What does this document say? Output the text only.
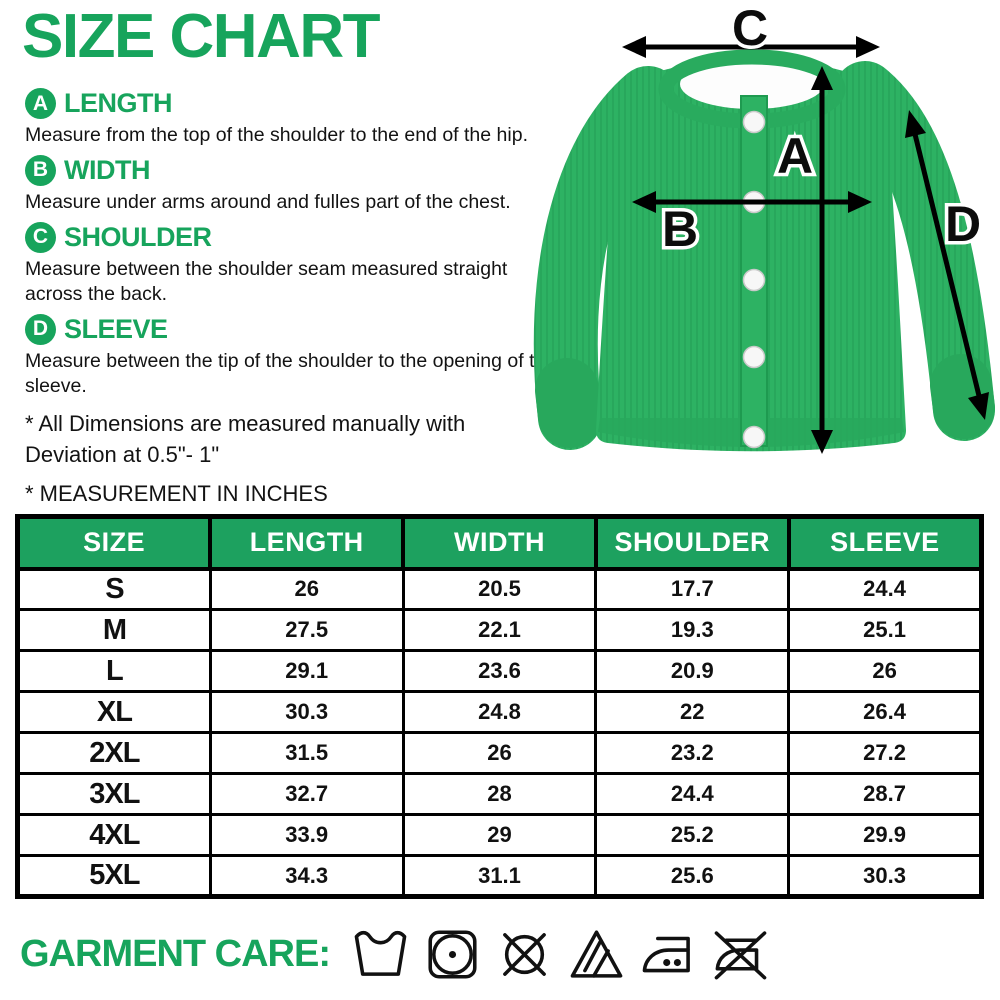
SIZE CHART
A LENGTH
Measure from the top of the shoulder to the end of the hip.
B WIDTH
Measure under arms around and fulles part of the chest.
C SHOULDER
Measure between the shoulder seam measured straight across the back.
D SLEEVE
Measure between the tip of the shoulder to the opening of the sleeve.
* All Dimensions are measured manually with Deviation at 0.5"- 1"
* MEASUREMENT IN INCHES
C
A
B	D
SIZE	LENGTH	WIDTH	SHOULDER	SLEEVE
S	26	20.5	17.7	24.4
M	27.5	22.1	19.3	25.1
L	29.1	23.6	20.9	26
XL	30.3	24.8	22	26.4
2XL	31.5	26	23.2	27.2
3XL	32.7	28	24.4	28.7
4XL	33.9	29	25.2	29.9
5XL	34.3	31.1	25.6	30.3
GARMENT CARE:
